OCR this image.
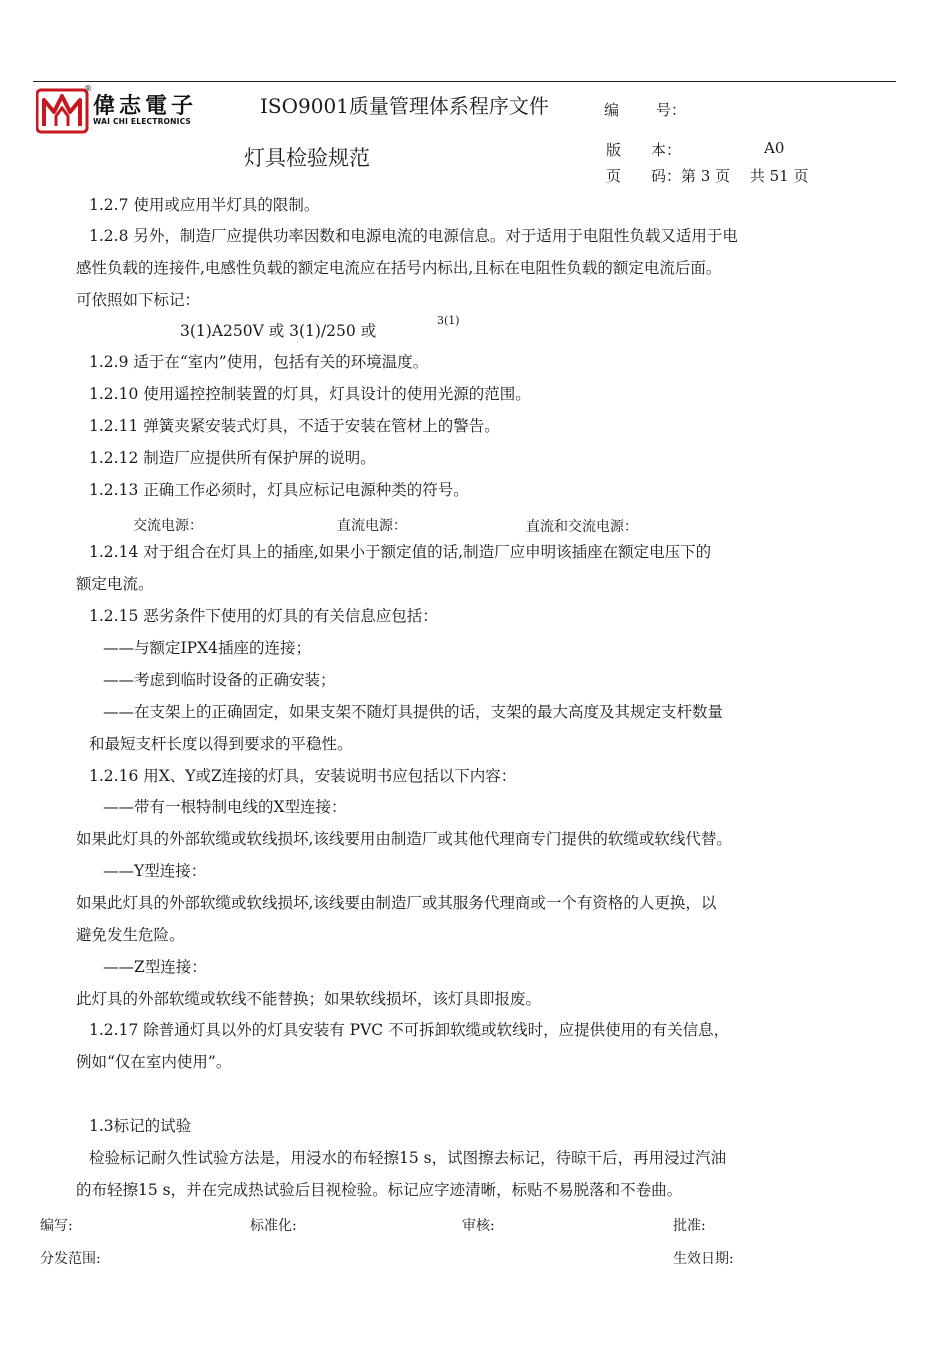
®
偉志電子
WAI CHI ELECTRONICS
ISO9001质量管理体系程序文件	编 号：
灯具检验规范	版　　本：	A0
页　　码：第 3 页　 共 51 页
1.2.7 使用或应用半灯具的限制。
1.2.8 另外，制造厂应提供功率因数和电源电流的电源信息。对于适用于电阻性负载又适用于电
感性负载的连接件,电感性负载的额定电流应在括号内标出,且标在电阻性负载的额定电流后面。
可依照如下标记：
3(1)A250V 或 3(1)/250 或
3(1)
1.2.9 适于在“室内”使用，包括有关的环境温度。
1.2.10 使用遥控控制装置的灯具，灯具设计的使用光源的范围。
1.2.11 弹簧夹紧安装式灯具，不适于安装在管材上的警告。
1.2.12 制造厂应提供所有保护屏的说明。
1.2.13 正确工作必须时，灯具应标记电源种类的符号。
交流电源：	直流电源：	直流和交流电源：
1.2.14 对于组合在灯具上的插座,如果小于额定值的话,制造厂应申明该插座在额定电压下的
额定电流。
1.2.15 恶劣条件下使用的灯具的有关信息应包括：
——与额定IPX4插座的连接；
——考虑到临时设备的正确安装；
——在支架上的正确固定，如果支架不随灯具提供的话，支架的最大高度及其规定支杆数量
和最短支杆长度以得到要求的平稳性。
1.2.16 用X、Y或Z连接的灯具，安装说明书应包括以下内容：
——带有一根特制电线的X型连接：
如果此灯具的外部软缆或软线损坏,该线要用由制造厂或其他代理商专门提供的软缆或软线代替。
——Y型连接：
如果此灯具的外部软缆或软线损坏,该线要由制造厂或其服务代理商或一个有资格的人更换，以
避免发生危险。
——Z型连接：
此灯具的外部软缆或软线不能替换；如果软线损坏，该灯具即报废。
1.2.17 除普通灯具以外的灯具安装有 PVC 不可拆卸软缆或软线时，应提供使用的有关信息，
例如“仅在室内使用”。
1.3标记的试验
检验标记耐久性试验方法是，用浸水的布轻擦15 s，试图擦去标记，待晾干后，再用浸过汽油
的布轻擦15 s，并在完成热试验后目视检验。标记应字迹清晰，标贴不易脱落和不卷曲。
编写:	标准化:	审核:	批准:
分发范围:	生效日期:
